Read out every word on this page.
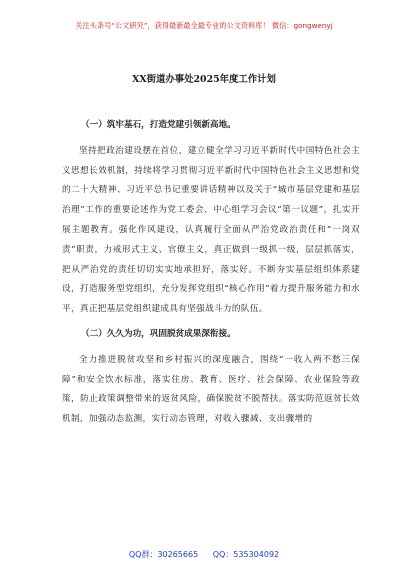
关注头条号“公文研究”，获得最新最全最专业的公文资料库！ 微信：gongwenyj
XX街道办事处2025年度工作计划
（一）筑牢基石，打造党建引领新高地。

坚持把政治建设摆在首位，建立健全学习习近平新时代中国特色社会主义思想长效机制，持续将学习贯彻习近平新时代中国特色社会主义思想和党的二十大精神、习近平总书记重要讲话精神以及关于“城市基层党建和基层治理”工作的重要论述作为党工委会、中心组学习会议“第一议题”，扎实开展主题教育。强化作风建设，认真履行全面从严治党政治责任和“一岗双责”职责，力戒形式主义、官僚主义，真正做到一级抓一级，层层抓落实，把从严治党的责任切切实实地承担好，落实好。不断夯实基层组织体系建设，打造服务型党组织，充分发挥党组织“核心作用”着力提升服务能力和水平，真正把基层党组织建成具有坚强战斗力的队伍。

（二）久久为功，巩固脱贫成果深衔接。

全力推进脱贫攻坚和乡村振兴的深度融合，围绕“一收入两不愁三保障”和安全饮水标准，落实住房、教育、医疗、社会保障、农业保险等政策，防止政策调整带来的返贫风险，确保脱贫不脱帮扶。落实防范返贫长效机制，加强动态监测，实行动态管理，对收入骤减、支出骤增的

QQ群：30265665 QQ：535304092
